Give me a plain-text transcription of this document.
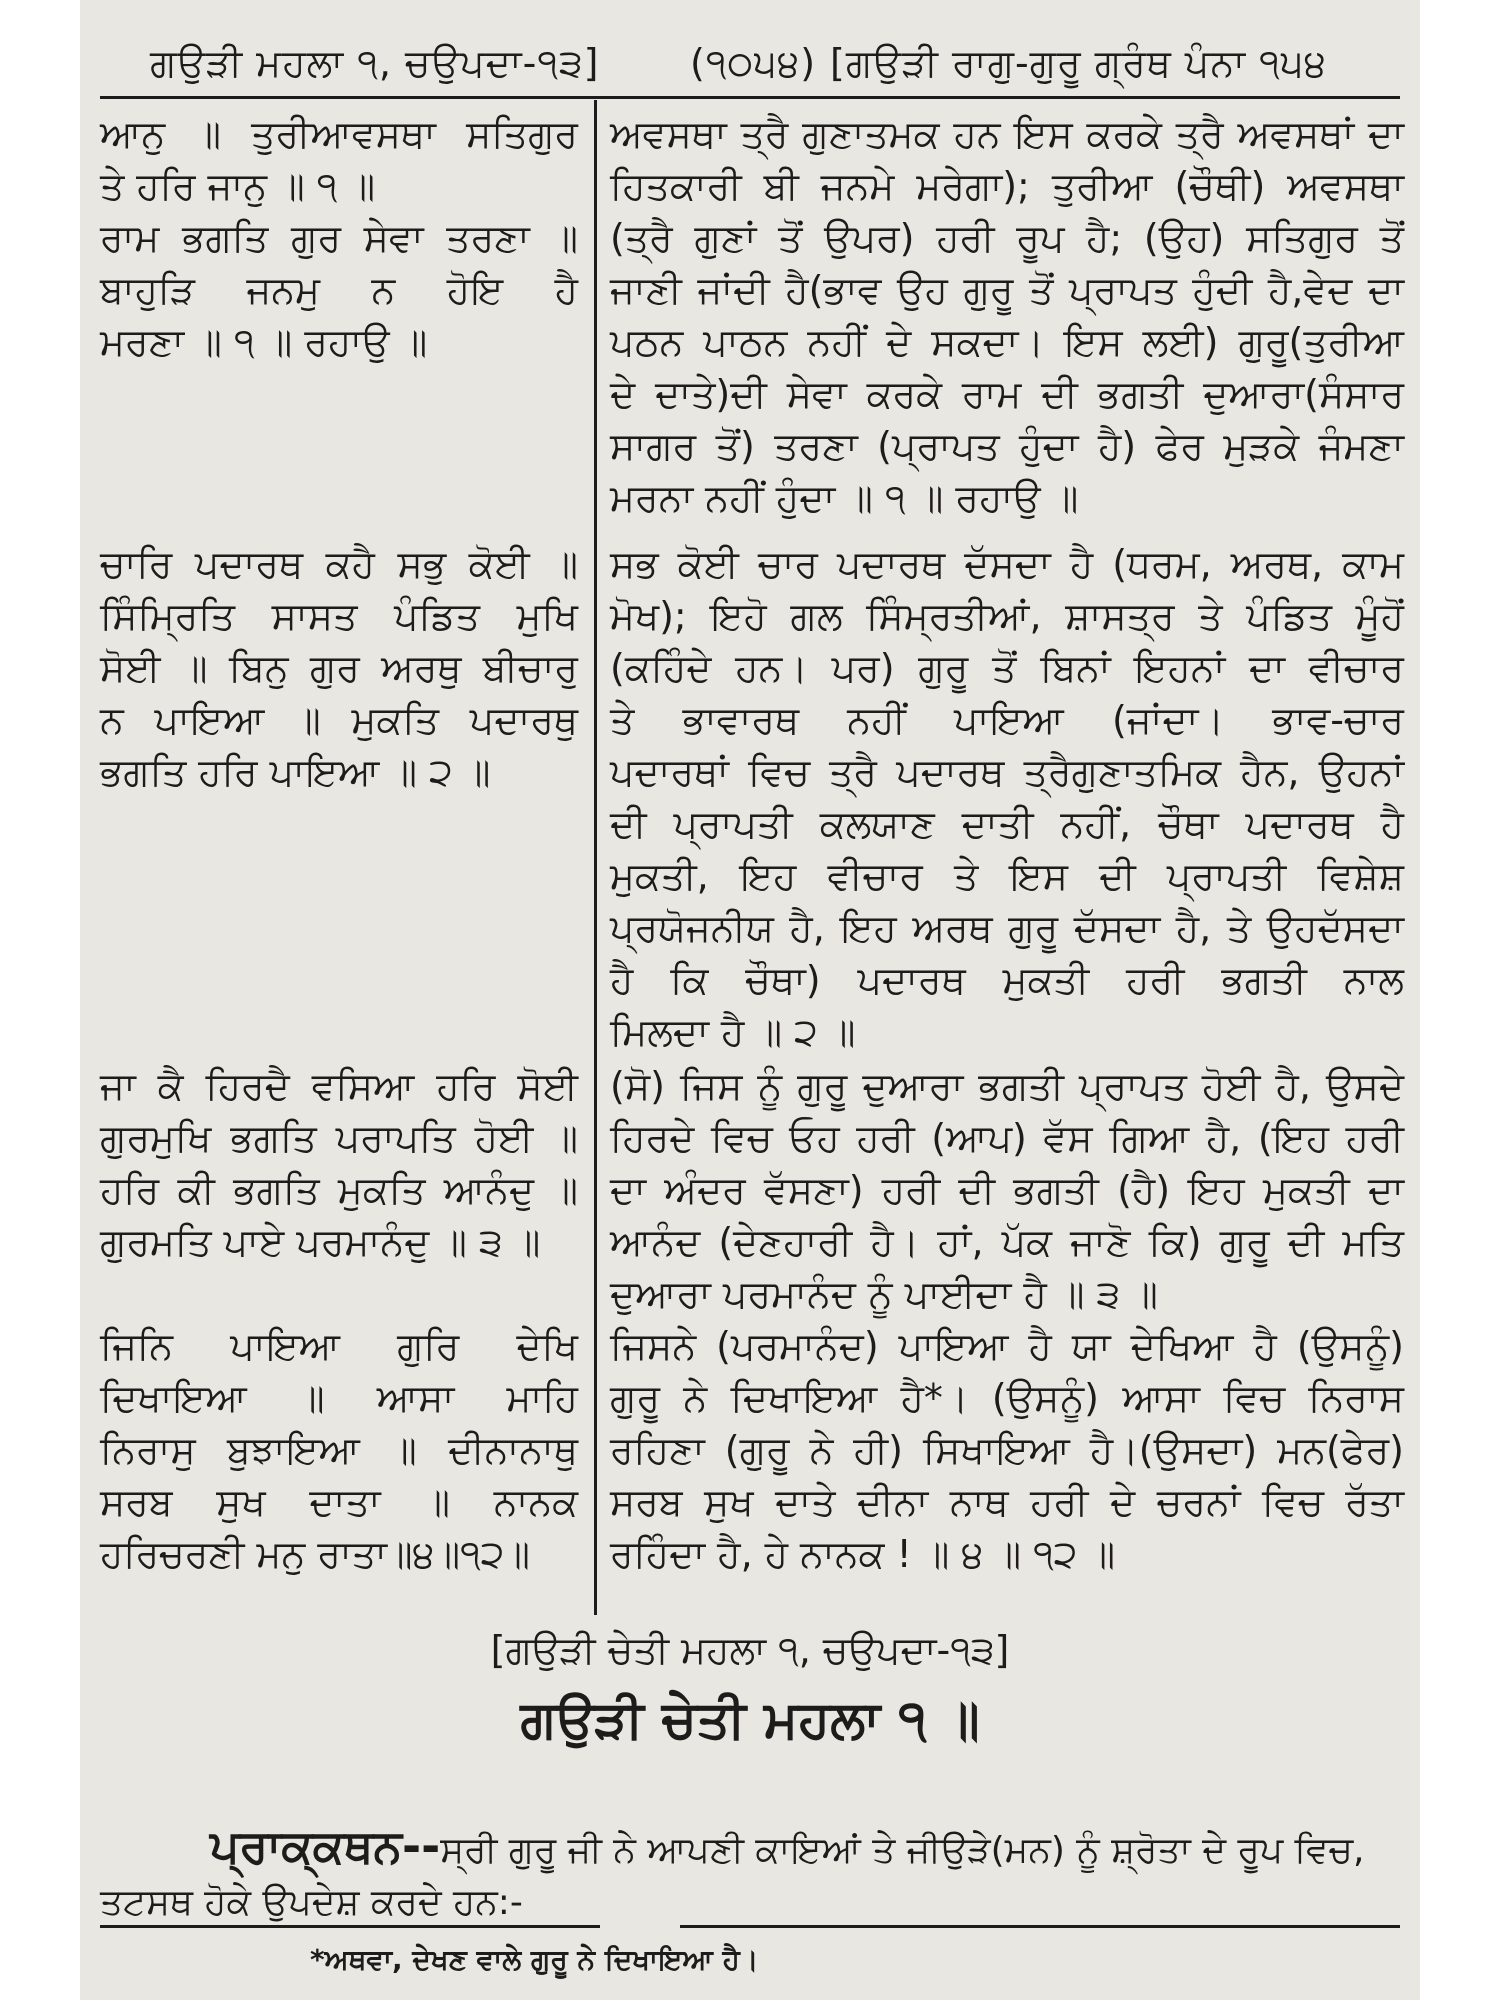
ਗਉੜੀ ਮਹਲਾ ੧, ਚਉਪਦਾ-੧੩]	(੧੦੫੪) [ਗਉੜੀ ਰਾਗੁ-ਗੁਰੂ ਗ੍ਰੰਥ ਪੰਨਾ ੧੫੪
ਆਨੁ ॥ ਤੁਰੀਆਵਸਥਾ ਸਤਿਗੁਰ
ਤੇ ਹਰਿ ਜਾਨੁ ॥ ੧ ॥
ਰਾਮ ਭਗਤਿ ਗੁਰ ਸੇਵਾ ਤਰਣਾ ॥
ਬਾਹੁੜਿ ਜਨਮੁ ਨ ਹੋਇ ਹੈ
ਮਰਣਾ ॥ ੧ ॥ ਰਹਾਉ ॥
ਚਾਰਿ ਪਦਾਰਥ ਕਹੈ ਸਭੁ ਕੋਈ ॥
ਸਿੰਮ੍ਰਿਤਿ ਸਾਸਤ ਪੰਡਿਤ ਮੁਖਿ
ਸੋਈ ॥ ਬਿਨੁ ਗੁਰ ਅਰਥੁ ਬੀਚਾਰੁ
ਨ ਪਾਇਆ ॥ ਮੁਕਤਿ ਪਦਾਰਥੁ
ਭਗਤਿ ਹਰਿ ਪਾਇਆ ॥ ੨ ॥
ਜਾ ਕੈ ਹਿਰਦੈ ਵਸਿਆ ਹਰਿ ਸੋਈ
ਗੁਰਮੁਖਿ ਭਗਤਿ ਪਰਾਪਤਿ ਹੋਈ ॥
ਹਰਿ ਕੀ ਭਗਤਿ ਮੁਕਤਿ ਆਨੰਦੁ ॥
ਗੁਰਮਤਿ ਪਾਏ ਪਰਮਾਨੰਦੁ ॥ ੩ ॥
ਜਿਨਿ ਪਾਇਆ ਗੁਰਿ ਦੇਖਿ
ਦਿਖਾਇਆ ॥ ਆਸਾ ਮਾਹਿ
ਨਿਰਾਸੁ ਬੁਝਾਇਆ ॥ ਦੀਨਾਨਾਥੁ
ਸਰਬ ਸੁਖ ਦਾਤਾ ॥ ਨਾਨਕ
ਹਰਿਚਰਣੀ ਮਨੁ ਰਾਤਾ॥੪॥੧੨॥
ਅਵਸਥਾ ਤ੍ਰੈ ਗੁਣਾਤਮਕ ਹਨ ਇਸ ਕਰਕੇ ਤ੍ਰੈ ਅਵਸਥਾਂ ਦਾ
ਹਿਤਕਾਰੀ ਬੀ ਜਨਮੇ ਮਰੇਗਾ); ਤੁਰੀਆ (ਚੌਥੀ) ਅਵਸਥਾ
(ਤ੍ਰੈ ਗੁਣਾਂ ਤੋਂ ਉਪਰ) ਹਰੀ ਰੂਪ ਹੈ; (ਉਹ) ਸਤਿਗੁਰ ਤੋਂ
ਜਾਣੀ ਜਾਂਦੀ ਹੈ(ਭਾਵ ਉਹ ਗੁਰੂ ਤੋਂ ਪ੍ਰਾਪਤ ਹੁੰਦੀ ਹੈ,ਵੇਦ ਦਾ
ਪਠਨ ਪਾਠਨ ਨਹੀਂ ਦੇ ਸਕਦਾ। ਇਸ ਲਈ) ਗੁਰੂ(ਤੁਰੀਆ
ਦੇ ਦਾਤੇ)ਦੀ ਸੇਵਾ ਕਰਕੇ ਰਾਮ ਦੀ ਭਗਤੀ ਦੁਆਰਾ(ਸੰਸਾਰ
ਸਾਗਰ ਤੋਂ) ਤਰਣਾ (ਪ੍ਰਾਪਤ ਹੁੰਦਾ ਹੈ) ਫੇਰ ਮੁੜਕੇ ਜੰਮਣਾ
ਮਰਨਾ ਨਹੀਂ ਹੁੰਦਾ ॥ ੧ ॥ ਰਹਾਉ ॥
ਸਭ ਕੋਈ ਚਾਰ ਪਦਾਰਥ ਦੱਸਦਾ ਹੈ (ਧਰਮ, ਅਰਥ, ਕਾਮ
ਮੋਖ); ਇਹੋ ਗਲ ਸਿੰਮ੍ਰਤੀਆਂ, ਸ਼ਾਸਤ੍ਰ ਤੇ ਪੰਡਿਤ ਮੂੰਹੋਂ
(ਕਹਿੰਦੇ ਹਨ। ਪਰ) ਗੁਰੂ ਤੋਂ ਬਿਨਾਂ ਇਹਨਾਂ ਦਾ ਵੀਚਾਰ
ਤੇ ਭਾਵਾਰਥ ਨਹੀਂ ਪਾਇਆ (ਜਾਂਦਾ। ਭਾਵ-ਚਾਰ
ਪਦਾਰਥਾਂ ਵਿਚ ਤ੍ਰੈ ਪਦਾਰਥ ਤ੍ਰੈਗੁਣਾਤਮਿਕ ਹੈਨ, ਉਹਨਾਂ
ਦੀ ਪ੍ਰਾਪਤੀ ਕਲਯਾਣ ਦਾਤੀ ਨਹੀਂ, ਚੌਥਾ ਪਦਾਰਥ ਹੈ
ਮੁਕਤੀ, ਇਹ ਵੀਚਾਰ ਤੇ ਇਸ ਦੀ ਪ੍ਰਾਪਤੀ ਵਿਸ਼ੇਸ਼
ਪ੍ਰਯੋਜਨੀਯ ਹੈ, ਇਹ ਅਰਥ ਗੁਰੂ ਦੱਸਦਾ ਹੈ, ਤੇ ਉਹਦੱਸਦਾ
ਹੈ ਕਿ ਚੌਥਾ) ਪਦਾਰਥ ਮੁਕਤੀ ਹਰੀ ਭਗਤੀ ਨਾਲ
ਮਿਲਦਾ ਹੈ ॥ ੨ ॥
(ਸੋ) ਜਿਸ ਨੂੰ ਗੁਰੂ ਦੁਆਰਾ ਭਗਤੀ ਪ੍ਰਾਪਤ ਹੋਈ ਹੈ, ਉਸਦੇ
ਹਿਰਦੇ ਵਿਚ ਓਹ ਹਰੀ (ਆਪ) ਵੱਸ ਗਿਆ ਹੈ, (ਇਹ ਹਰੀ
ਦਾ ਅੰਦਰ ਵੱਸਣਾ) ਹਰੀ ਦੀ ਭਗਤੀ (ਹੈ) ਇਹ ਮੁਕਤੀ ਦਾ
ਆਨੰਦ (ਦੇਣਹਾਰੀ ਹੈ। ਹਾਂ, ਪੱਕ ਜਾਣੋ ਕਿ) ਗੁਰੂ ਦੀ ਮਤਿ
ਦੁਆਰਾ ਪਰਮਾਨੰਦ ਨੂੰ ਪਾਈਦਾ ਹੈ ॥ ੩ ॥
ਜਿਸਨੇ (ਪਰਮਾਨੰਦ) ਪਾਇਆ ਹੈ ਯਾ ਦੇਖਿਆ ਹੈ (ਉਸਨੂੰ)
ਗੁਰੂ ਨੇ ਦਿਖਾਇਆ ਹੈ*। (ਉਸਨੂੰ) ਆਸਾ ਵਿਚ ਨਿਰਾਸ
ਰਹਿਣਾ (ਗੁਰੂ ਨੇ ਹੀ) ਸਿਖਾਇਆ ਹੈ।(ਉਸਦਾ) ਮਨ(ਫੇਰ)
ਸਰਬ ਸੁਖ ਦਾਤੇ ਦੀਨਾ ਨਾਥ ਹਰੀ ਦੇ ਚਰਨਾਂ ਵਿਚ ਰੱਤਾ
ਰਹਿੰਦਾ ਹੈ, ਹੇ ਨਾਨਕ ! ॥ ੪ ॥ ੧੨ ॥
[ਗਉੜੀ ਚੇਤੀ ਮਹਲਾ ੧, ਚਉਪਦਾ-੧੩]
ਗਉੜੀ ਚੇਤੀ ਮਹਲਾ ੧ ॥
ਪ੍ਰਾਕ੍ਕਥਨ--ਸ੍ਰੀ ਗੁਰੂ ਜੀ ਨੇ ਆਪਣੀ ਕਾਇਆਂ ਤੇ ਜੀਉੜੇ(ਮਨ) ਨੂੰ ਸ਼੍ਰੋਤਾ ਦੇ ਰੂਪ ਵਿਚ,
ਤਟਸਥ ਹੋਕੇ ਉਪਦੇਸ਼ ਕਰਦੇ ਹਨ:-
*ਅਥਵਾ, ਦੇਖਣ ਵਾਲੇ ਗੁਰੂ ਨੇ ਦਿਖਾਇਆ ਹੈ।
